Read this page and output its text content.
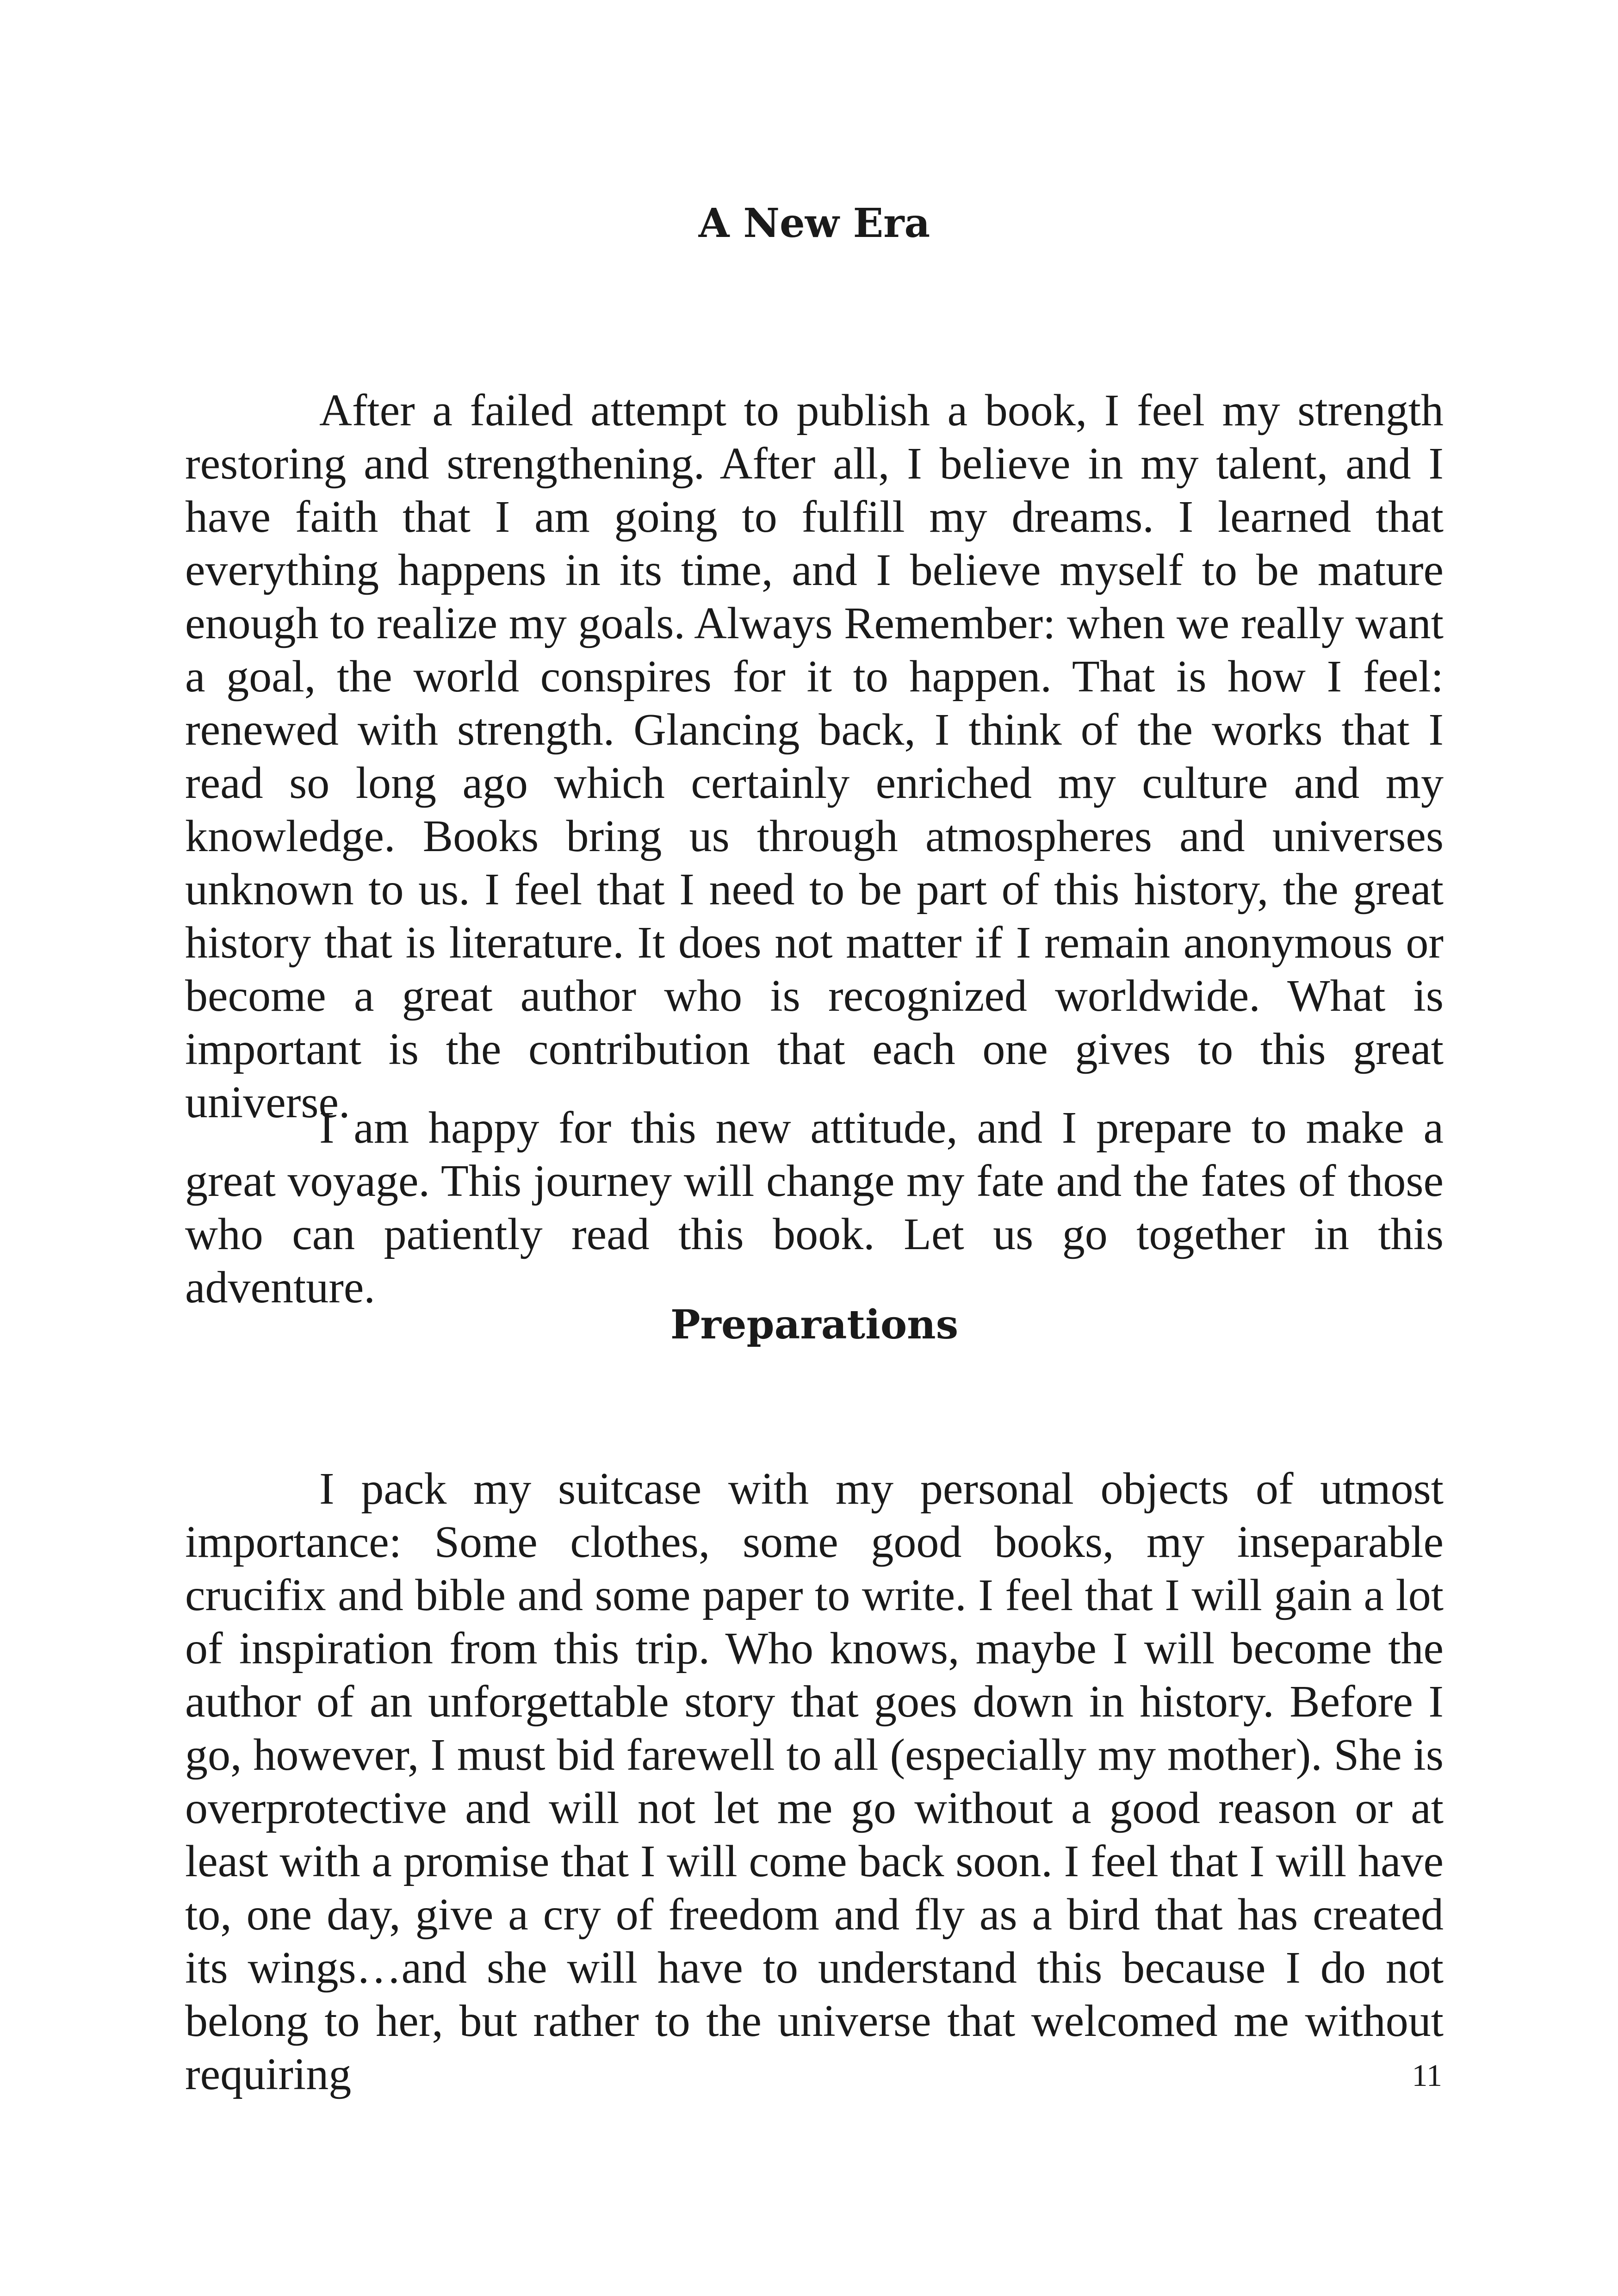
A New Era

After a failed attempt to publish a book, I feel my strength restoring and strengthening. After all, I believe in my talent, and I have faith that I am going to fulfill my dreams. I learned that everything happens in its time, and I believe myself to be mature enough to realize my goals. Always Remember: when we really want a goal, the world conspires for it to happen. That is how I feel: renewed with strength. Glancing back, I think of the works that I read so long ago which certainly enriched my culture and my knowledge. Books bring us through atmospheres and universes unknown to us. I feel that I need to be part of this history, the great history that is literature. It does not matter if I remain anonymous or become a great author who is recognized worldwide. What is important is the contribution that each one gives to this great universe.

I am happy for this new attitude, and I prepare to make a great voyage. This journey will change my fate and the fates of those who can patiently read this book. Let us go together in this adventure.

Preparations

I pack my suitcase with my personal objects of utmost importance: Some clothes, some good books, my inseparable crucifix and bible and some paper to write. I feel that I will gain a lot of inspiration from this trip. Who knows, maybe I will become the author of an unforgettable story that goes down in history. Before I go, however, I must bid farewell to all (especially my mother). She is overprotective and will not let me go without a good reason or at least with a promise that I will come back soon. I feel that I will have to, one day, give a cry of freedom and fly as a bird that has created its wings…and she will have to understand this because I do not belong to her, but rather to the universe that welcomed me without requiring	11
